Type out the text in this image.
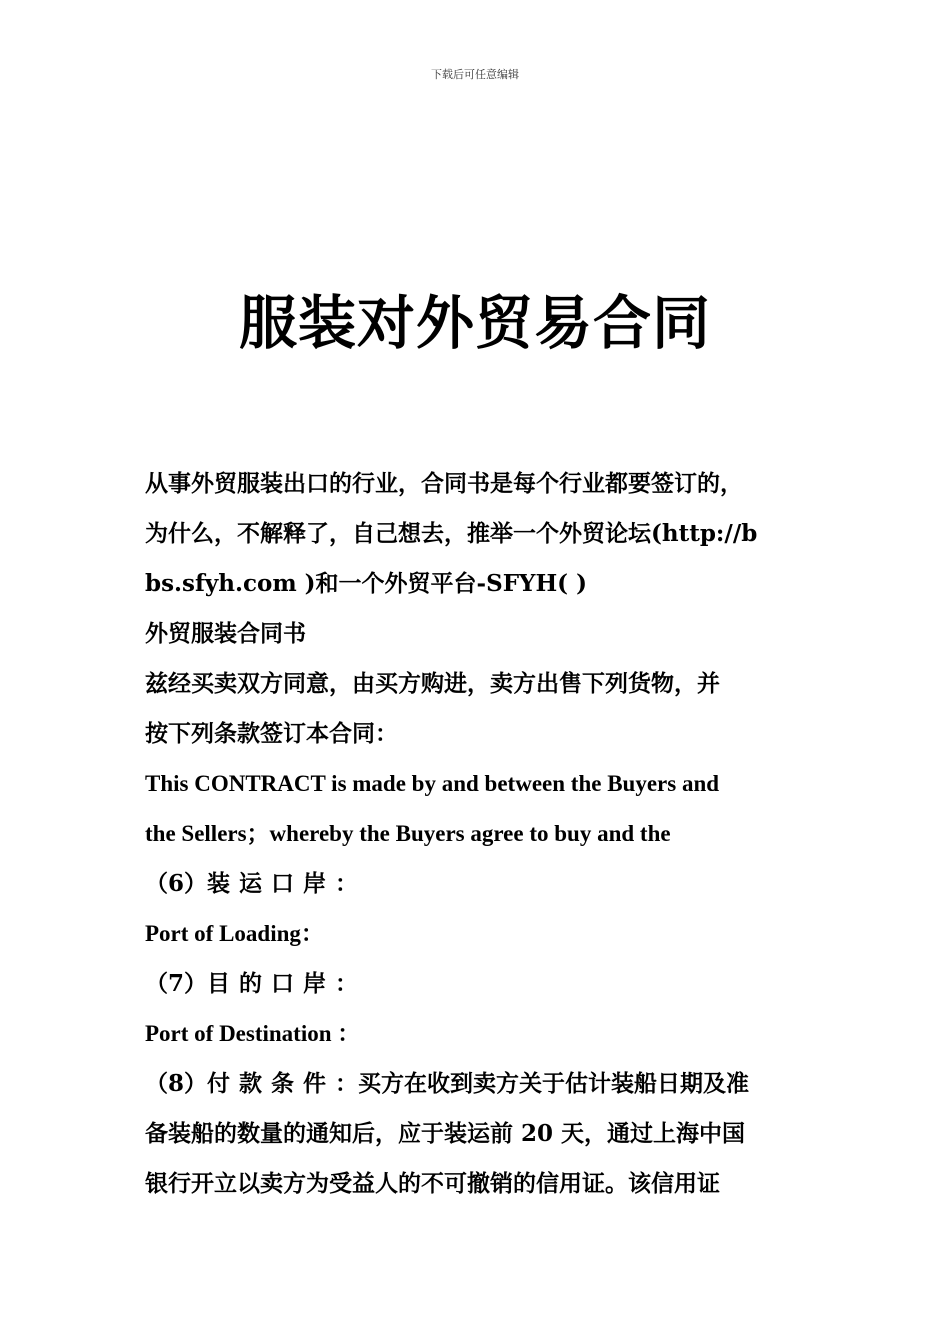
下载后可任意编辑
服装对外贸易合同

从事外贸服装出口的行业，合同书是每个行业都要签订的，

为什么，不解释了，自己想去，推举一个外贸论坛(http://b

bs.sfyh.com )和一个外贸平台-SFYH( )

外贸服装合同书

兹经买卖双方同意，由买方购进，卖方出售下列货物，并

按下列条款签订本合同：

This CONTRACT is made by and between the Buyers and

the Sellers；whereby the Buyers agree to buy and the

（6）装运口岸：

Port of Loading：

（7）目的口岸：

Port of Destination ：

（8）付款条件：买方在收到卖方关于估计装船日期及准

备装船的数量的通知后，应于装运前 20 天，通过上海中国

银行开立以卖方为受益人的不可撤销的信用证。该信用证
